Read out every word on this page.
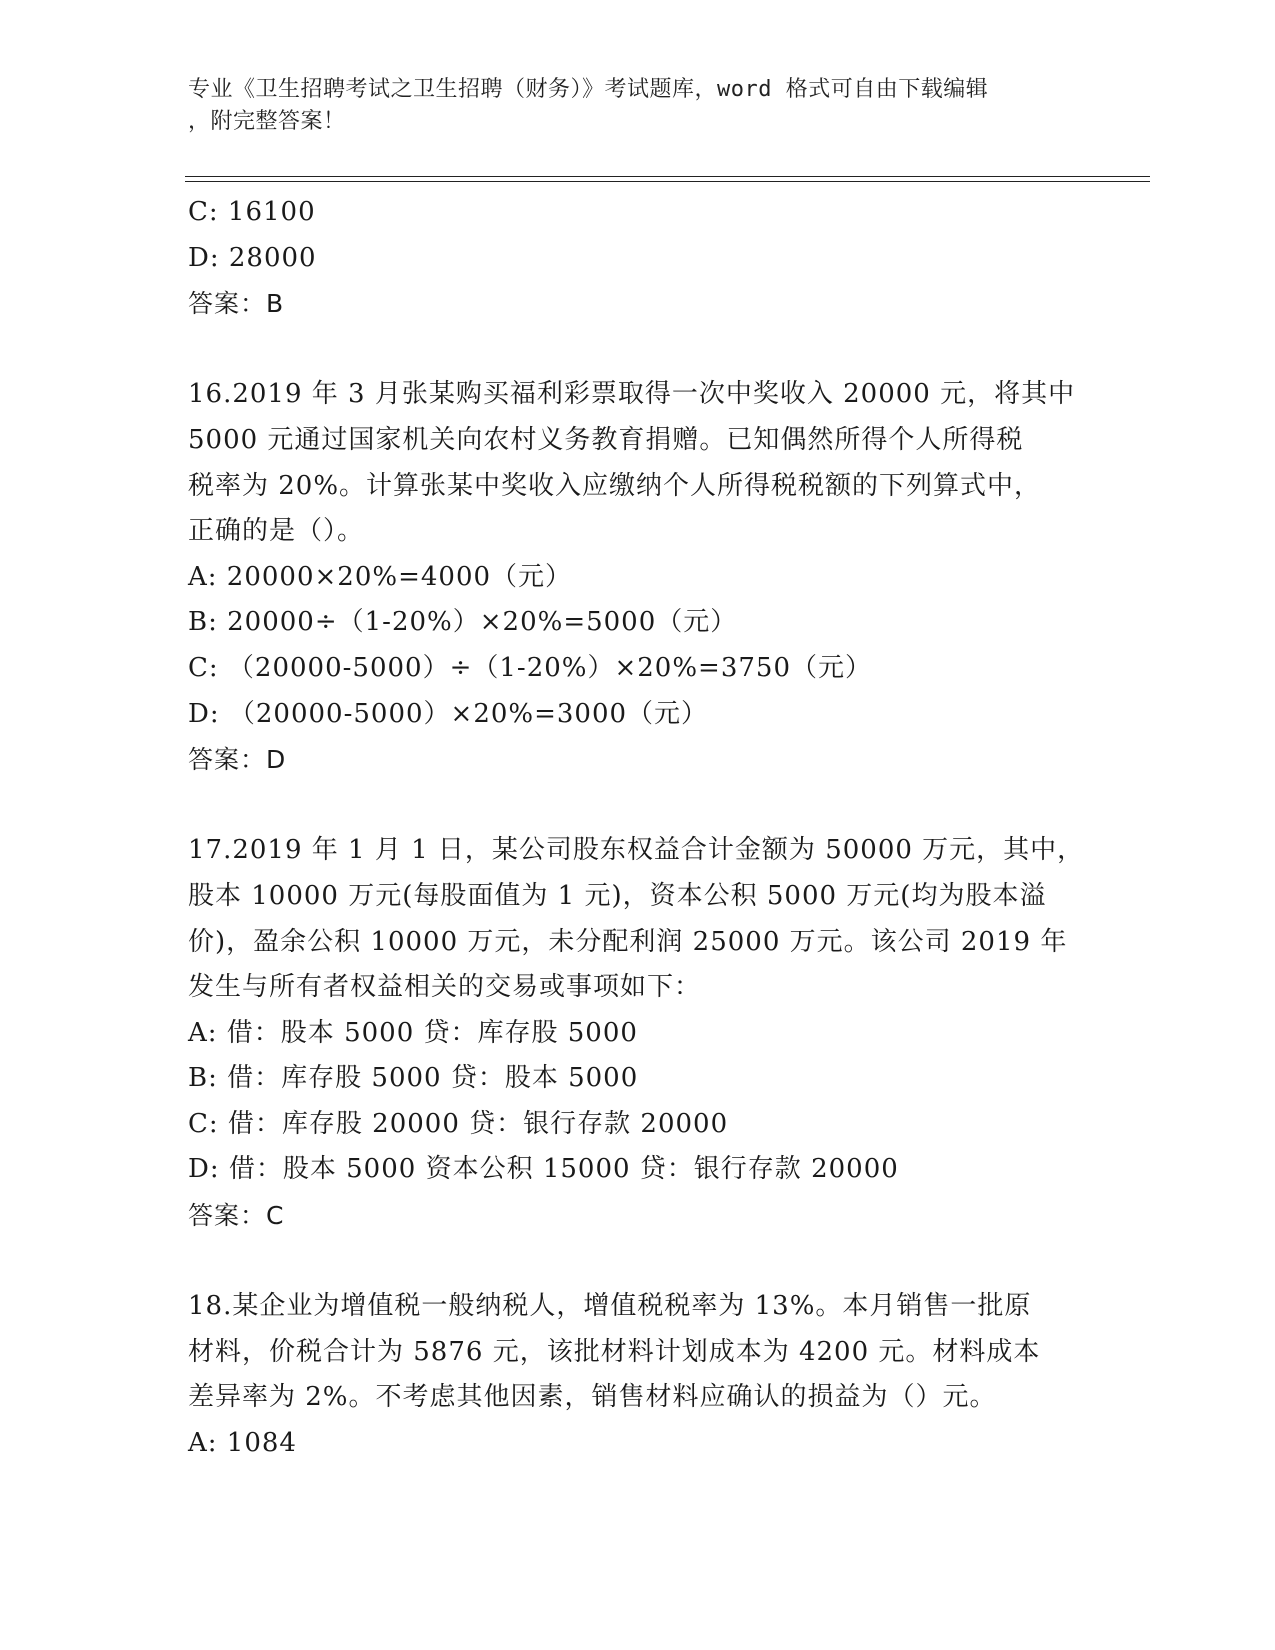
专业《卫生招聘考试之卫生招聘（财务）》考试题库，word 格式可自由下载编辑
，附完整答案！
C: 16100
D: 28000
答案：B
16.2019 年 3 月张某购买福利彩票取得一次中奖收入 20000 元，将其中
5000 元通过国家机关向农村义务教育捐赠。已知偶然所得个人所得税
税率为 20%。计算张某中奖收入应缴纳个人所得税税额的下列算式中，
正确的是（）。
A: 20000×20%=4000（元）
B: 20000÷（1-20%）×20%=5000（元）
C: （20000-5000）÷（1-20%）×20%=3750（元）
D: （20000-5000）×20%=3000（元）
答案：D
17.2019 年 1 月 1 日，某公司股东权益合计金额为 50000 万元，其中，
股本 10000 万元(每股面值为 1 元)，资本公积 5000 万元(均为股本溢
价)，盈余公积 10000 万元，未分配利润 25000 万元。该公司 2019 年
发生与所有者权益相关的交易或事项如下：
A: 借：股本 5000 贷：库存股 5000
B: 借：库存股 5000 贷：股本 5000
C: 借：库存股 20000 贷：银行存款 20000
D: 借：股本 5000 资本公积 15000 贷：银行存款 20000
答案：C
18.某企业为增值税一般纳税人，增值税税率为 13%。本月销售一批原
材料，价税合计为 5876 元，该批材料计划成本为 4200 元。材料成本
差异率为 2%。不考虑其他因素，销售材料应确认的损益为（）元。
A: 1084
